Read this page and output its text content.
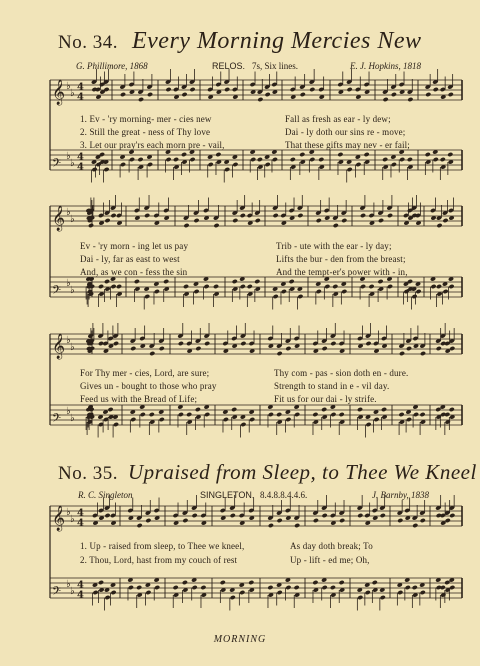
𝄞 ♭
♭
4
4
𝄢
♭
♭
4
4
𝄞 ♭
♭
𝄢
♭
♭
𝄞 ♭
♭
𝄢
♭
♭
𝄞 ♭
♭
4
4
𝄢
♭
♭
4
4
No. 34. Every Morning Mercies New
G. Phillimore, 1868	RELOS. 7s, Six lines.	E. J. Hopkins, 1818
1. Ev - 'ry morning- mer - cies new	Fall as fresh as ear - ly dew;
2. Still the great - ness of Thy love	Dai - ly doth our sins re - move;
3. Let our pray'rs each morn pre - vail,	That these gifts may nev - er fail;
Ev - 'ry morn - ing let us pay	Trib - ute with the ear - ly day;
Dai - ly, far as east to west	Lifts the bur - den from the breast;
And, as we con - fess the sin	And the tempt-er's power with - in,
For Thy mer - cies, Lord, are sure;	Thy com - pas - sion doth en - dure.
Gives un - bought to those who pray	Strength to stand in e - vil day.
Feed us with the Bread of Life;	Fit us for our dai - ly strife.
No. 35. Upraised from Sleep, to Thee We Kneel
R. C. Singleton	SINGLETON. 8.4.8.8.4.4.6.	J. Barnby, 1838
1. Up - raised from sleep, to Thee we kneel,	As day doth break; To
2. Thou, Lord, hast from my couch of rest	Up - lift - ed me; Oh,
MORNING
